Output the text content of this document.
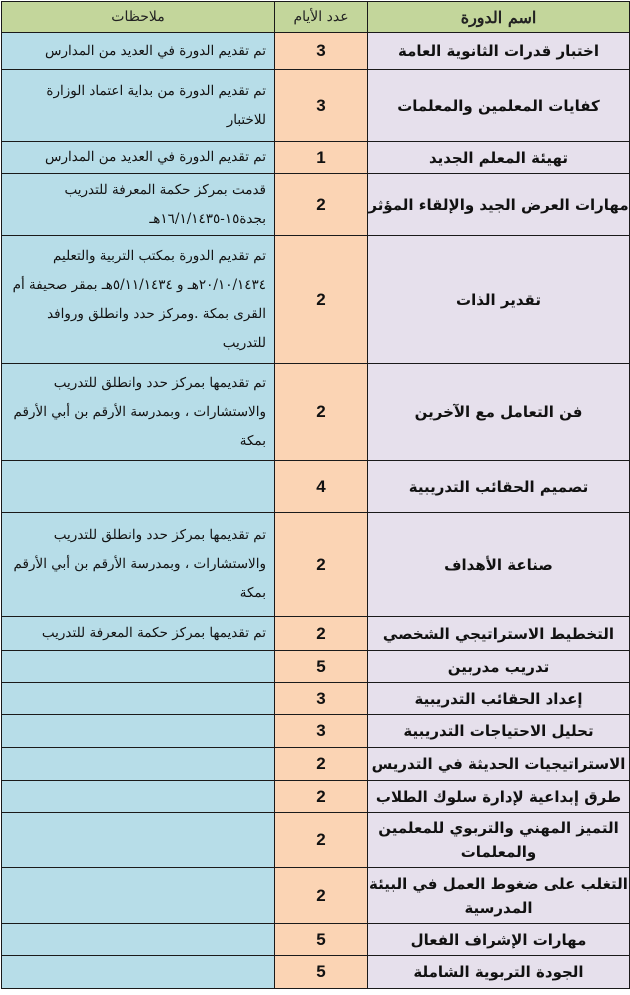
اسم الدورة	عدد الأيام	ملاحظات
اختبار قدرات الثانوية العامة	3	تم تقديم الدورة في العديد من المدارس
كفايات المعلمين والمعلمات	3	تم تقديم الدورة من بداية اعتماد الوزارة للاختبار
تهيئة المعلم الجديد	1	تم تقديم الدورة في العديد من المدارس
مهارات العرض الجيد والإلقاء المؤثر	2	قدمت بمركز حكمة المعرفة للتدريب بجدة١٥-١٦/١/١٤٣٥هـ
تقدير الذات	2	تم تقديم الدورة بمكتب التربية والتعليم ٢٠/١٠/١٤٣٤هـ و ٥/١١/١٤٣٤هـ بمقر صحيفة أم القرى بمكة .ومركز حدد وانطلق وروافد للتدريب
فن التعامل مع الآخرين	2	تم تقديمها بمركز حدد وانطلق للتدريب والاستشارات ، وبمدرسة الأرقم بن أبي الأرقم بمكة
تصميم الحقائب التدريبية	4	
صناعة الأهداف	2	تم تقديمها بمركز حدد وانطلق للتدريب والاستشارات ، وبمدرسة الأرقم بن أبي الأرقم بمكة
التخطيط الاستراتيجي الشخصي	2	تم تقديمها بمركز حكمة المعرفة للتدريب
تدريب مدربين	5	
إعداد الحقائب التدريبية	3	
تحليل الاحتياجات التدريبية	3	
الاستراتيجيات الحديثة في التدريس	2	
طرق إبداعية لإدارة سلوك الطلاب	2	
التميز المهني والتربوي للمعلمين والمعلمات	2	
التغلب على ضغوط العمل في البيئة المدرسية	2	
مهارات الإشراف الفعال	5	
الجودة التربوية الشاملة	5	
